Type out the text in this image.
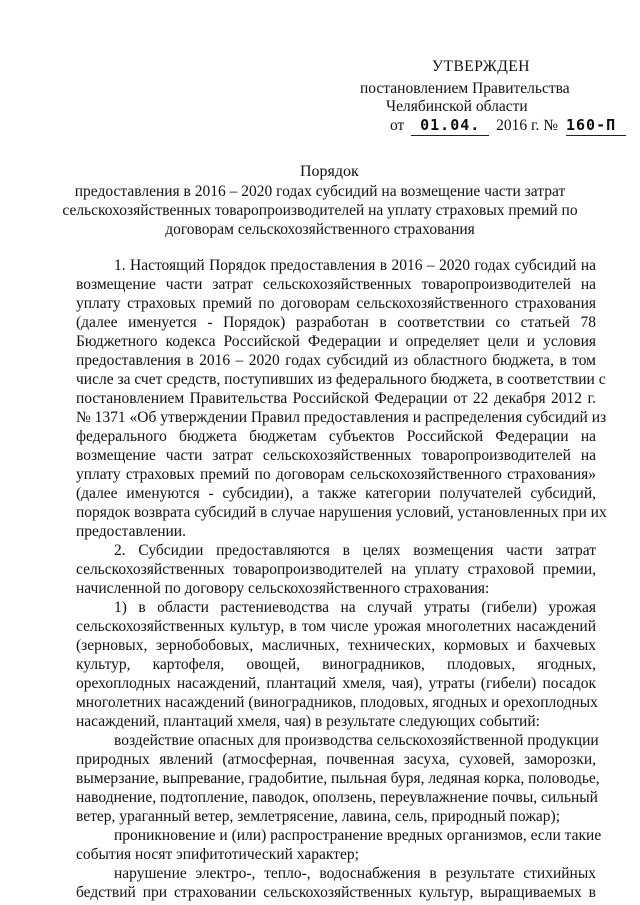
УТВЕРЖДЕН
постановлением Правительства
Челябинской области
от 01.04. 2016 г. № 160-П
Порядок
предоставления в 2016 – 2020 годах субсидий на возмещение части затрат
сельскохозяйственных товаропроизводителей на уплату страховых премий по
договорам сельскохозяйственного страхования
1. Настоящий Порядок предоставления в 2016 – 2020 годах субсидий на
возмещение части затрат сельскохозяйственных товаропроизводителей на
уплату страховых премий по договорам сельскохозяйственного страхования
(далее именуется - Порядок) разработан в соответствии со статьей 78
Бюджетного кодекса Российской Федерации и определяет цели и условия
предоставления в 2016 – 2020 годах субсидий из областного бюджета, в том
числе за счет средств, поступивших из федерального бюджета, в соответствии с
постановлением Правительства Российской Федерации от 22 декабря 2012 г.
№ 1371 «Об утверждении Правил предоставления и распределения субсидий из
федерального бюджета бюджетам субъектов Российской Федерации на
возмещение части затрат сельскохозяйственных товаропроизводителей на
уплату страховых премий по договорам сельскохозяйственного страхования»
(далее именуются - субсидии), а также категории получателей субсидий,
порядок возврата субсидий в случае нарушения условий, установленных при их
предоставлении.
2. Субсидии предоставляются в целях возмещения части затрат
сельскохозяйственных товаропроизводителей на уплату страховой премии,
начисленной по договору сельскохозяйственного страхования:
1) в области растениеводства на случай утраты (гибели) урожая
сельскохозяйственных культур, в том числе урожая многолетних насаждений
(зерновых, зернобобовых, масличных, технических, кормовых и бахчевых
культур, картофеля, овощей, виноградников, плодовых, ягодных,
орехоплодных насаждений, плантаций хмеля, чая), утраты (гибели) посадок
многолетних насаждений (виноградников, плодовых, ягодных и орехоплодных
насаждений, плантаций хмеля, чая) в результате следующих событий:
воздействие опасных для производства сельскохозяйственной продукции
природных явлений (атмосферная, почвенная засуха, суховей, заморозки,
вымерзание, выпревание, градобитие, пыльная буря, ледяная корка, половодье,
наводнение, подтопление, паводок, оползень, переувлажнение почвы, сильный
ветер, ураганный ветер, землетрясение, лавина, сель, природный пожар);
проникновение и (или) распространение вредных организмов, если такие
события носят эпифитотический характер;
нарушение электро-, тепло-, водоснабжения в результате стихийных
бедствий при страховании сельскохозяйственных культур, выращиваемых в
